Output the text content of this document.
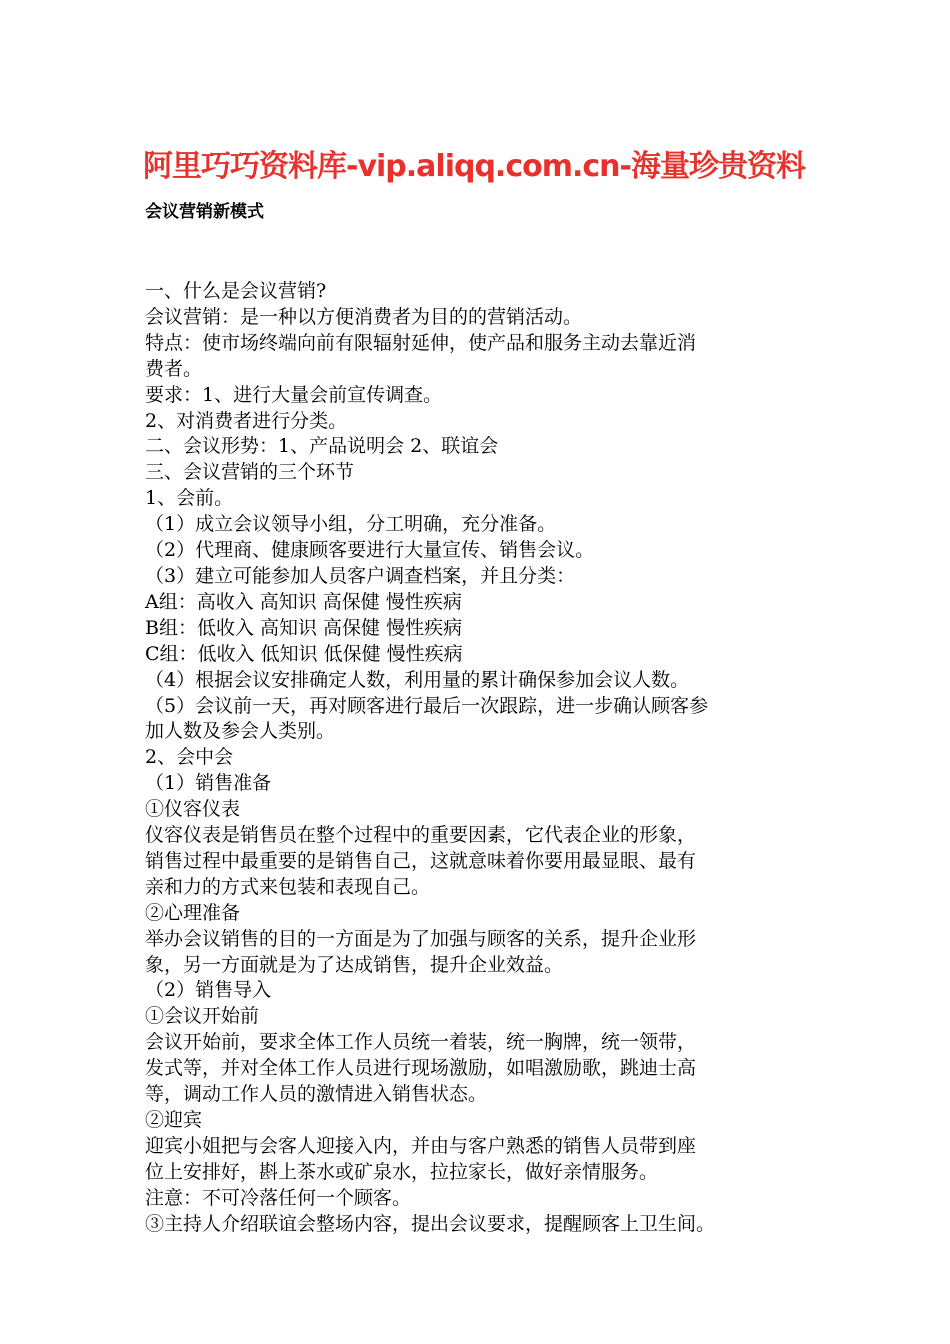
阿里巧巧资料库-vip.aliqq.com.cn-海量珍贵资料
会议营销新模式
一、什么是会议营销?
会议营销：是一种以方便消费者为目的的营销活动。
特点：使市场终端向前有限辐射延伸，使产品和服务主动去靠近消
费者。
要求：1、进行大量会前宣传调查。
2、对消费者进行分类。
二、会议形势：1、产品说明会 2、联谊会
三、会议营销的三个环节
1、会前。
（1）成立会议领导小组，分工明确，充分准备。
（2）代理商、健康顾客要进行大量宣传、销售会议。
（3）建立可能参加人员客户调查档案，并且分类：
A组：高收入 高知识 高保健 慢性疾病
B组：低收入 高知识 高保健 慢性疾病
C组：低收入 低知识 低保健 慢性疾病
（4）根据会议安排确定人数，利用量的累计确保参加会议人数。
（5）会议前一天，再对顾客进行最后一次跟踪，进一步确认顾客参
加人数及参会人类别。
2、会中会
（1）销售准备
①仪容仪表
仪容仪表是销售员在整个过程中的重要因素，它代表企业的形象，
销售过程中最重要的是销售自己，这就意味着你要用最显眼、最有
亲和力的方式来包装和表现自己。
②心理准备
举办会议销售的目的一方面是为了加强与顾客的关系，提升企业形
象，另一方面就是为了达成销售，提升企业效益。
（2）销售导入
①会议开始前
会议开始前，要求全体工作人员统一着装，统一胸牌，统一领带，
发式等，并对全体工作人员进行现场激励，如唱激励歌，跳迪士高
等，调动工作人员的激情进入销售状态。
②迎宾
迎宾小姐把与会客人迎接入内，并由与客户熟悉的销售人员带到座
位上安排好，斟上茶水或矿泉水，拉拉家长，做好亲情服务。
注意：不可冷落任何一个顾客。
③主持人介绍联谊会整场内容，提出会议要求，提醒顾客上卫生间。
